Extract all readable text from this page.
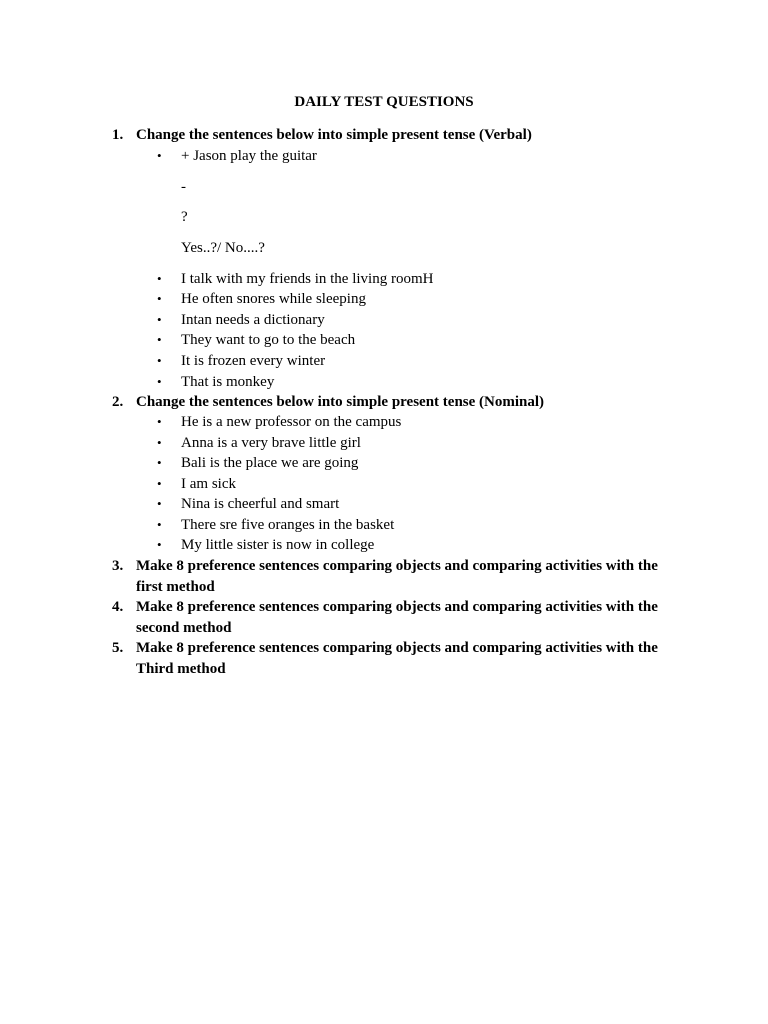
DAILY TEST QUESTIONS
1. Change the sentences below into simple present tense (Verbal)
• + Jason play the guitar
-
?
Yes..?/ No....?
• I talk with my friends in the living roomH
• He often snores while sleeping
• Intan needs a dictionary
• They want to go to the beach
• It is frozen every winter
• That is monkey
2. Change the sentences below into simple present tense (Nominal)
• He is a new professor on the campus
• Anna is a very brave little girl
• Bali is the place we are going
• I am sick
• Nina is cheerful and smart
• There sre five oranges in the basket
• My little sister is now in college
3. Make 8 preference sentences comparing objects and comparing activities with the first method
4. Make 8 preference sentences comparing objects and comparing activities with the second method
5. Make 8 preference sentences comparing objects and comparing activities with the Third method
